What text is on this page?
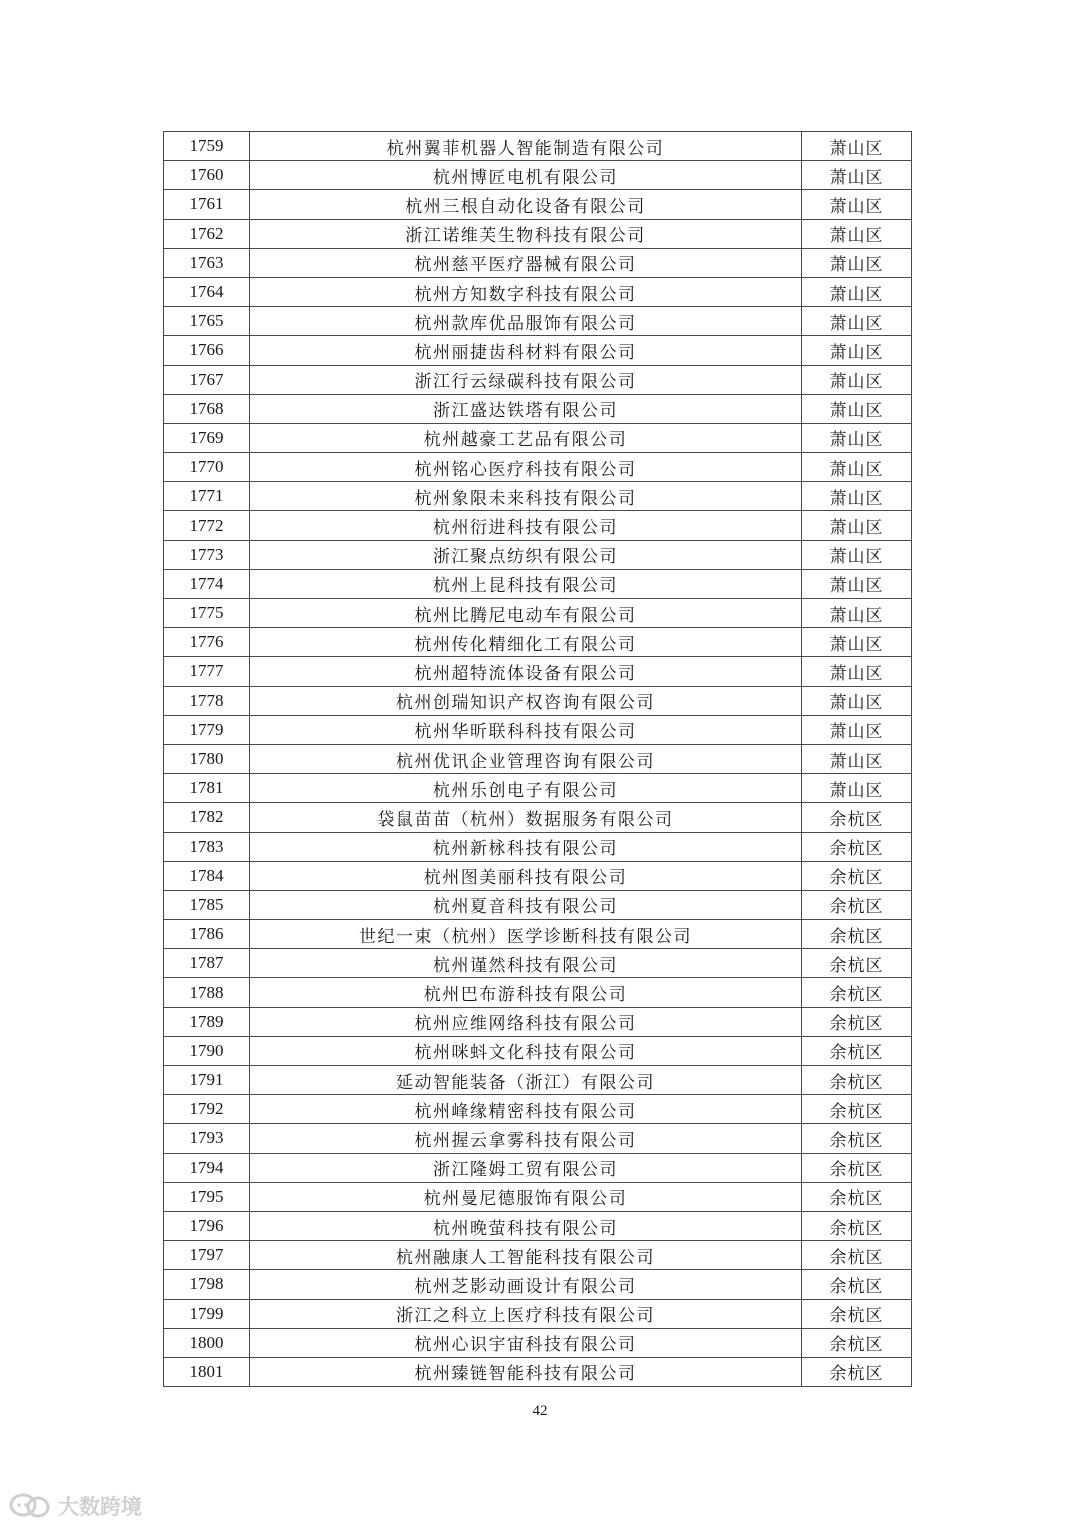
1759	杭州翼菲机器人智能制造有限公司	萧山区
1760	杭州博匠电机有限公司	萧山区
1761	杭州三根自动化设备有限公司	萧山区
1762	浙江诺维芙生物科技有限公司	萧山区
1763	杭州慈平医疗器械有限公司	萧山区
1764	杭州方知数字科技有限公司	萧山区
1765	杭州款库优品服饰有限公司	萧山区
1766	杭州丽捷齿科材料有限公司	萧山区
1767	浙江行云绿碳科技有限公司	萧山区
1768	浙江盛达铁塔有限公司	萧山区
1769	杭州越豪工艺品有限公司	萧山区
1770	杭州铭心医疗科技有限公司	萧山区
1771	杭州象限未来科技有限公司	萧山区
1772	杭州衍进科技有限公司	萧山区
1773	浙江聚点纺织有限公司	萧山区
1774	杭州上昆科技有限公司	萧山区
1775	杭州比腾尼电动车有限公司	萧山区
1776	杭州传化精细化工有限公司	萧山区
1777	杭州超特流体设备有限公司	萧山区
1778	杭州创瑞知识产权咨询有限公司	萧山区
1779	杭州华昕联科科技有限公司	萧山区
1780	杭州优讯企业管理咨询有限公司	萧山区
1781	杭州乐创电子有限公司	萧山区
1782	袋鼠苗苗（杭州）数据服务有限公司	余杭区
1783	杭州新栐科技有限公司	余杭区
1784	杭州图美丽科技有限公司	余杭区
1785	杭州夏音科技有限公司	余杭区
1786	世纪一束（杭州）医学诊断科技有限公司	余杭区
1787	杭州谨然科技有限公司	余杭区
1788	杭州巴布游科技有限公司	余杭区
1789	杭州应维网络科技有限公司	余杭区
1790	杭州咪蚪文化科技有限公司	余杭区
1791	延动智能装备（浙江）有限公司	余杭区
1792	杭州峰缘精密科技有限公司	余杭区
1793	杭州握云拿雾科技有限公司	余杭区
1794	浙江隆姆工贸有限公司	余杭区
1795	杭州曼尼德服饰有限公司	余杭区
1796	杭州晚萤科技有限公司	余杭区
1797	杭州融康人工智能科技有限公司	余杭区
1798	杭州芝影动画设计有限公司	余杭区
1799	浙江之科立上医疗科技有限公司	余杭区
1800	杭州心识宇宙科技有限公司	余杭区
1801	杭州臻链智能科技有限公司	余杭区
42
大数跨境
